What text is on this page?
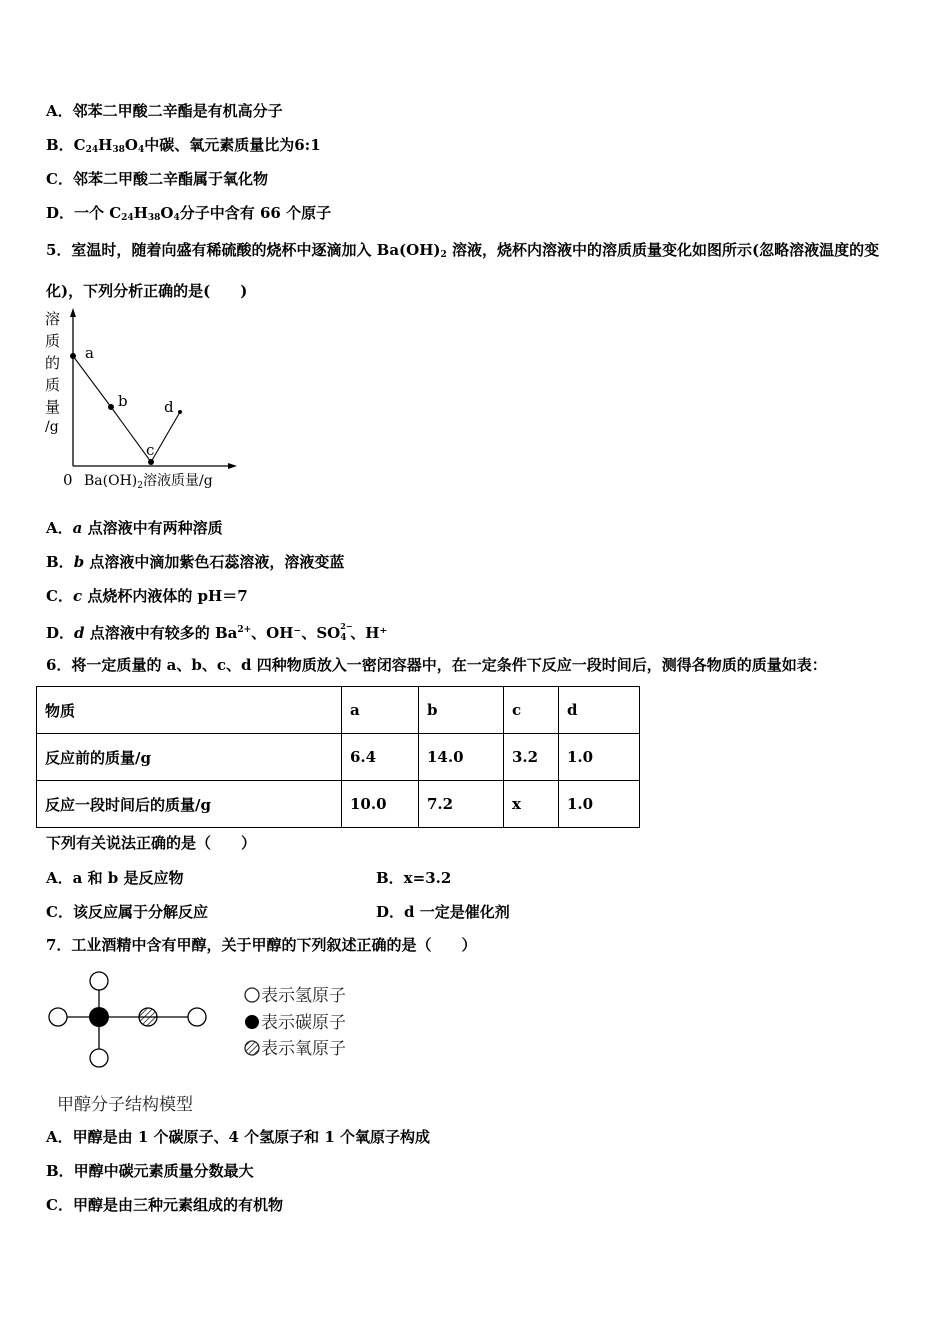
A．邻苯二甲酸二辛酯是有机高分子
B．$C_{24}H_{38}O_4$中碳、氧元素质量比为6:1
C．邻苯二甲酸二辛酯属于氧化物
D．一个 $C_{24}H_{38}O_4$分子中含有 66 个原子
5．室温时，随着向盛有稀硫酸的烧杯中逐滴加入 $Ba(OH)_2$ 溶液，烧杯内溶液中的溶质质量变化如图所示(忽略溶液温度的变化)，下列分析正确的是(　　)
溶
质
的
质
量
/g
a
b
c
d
0 $Ba(OH)_2$溶液质量/g
A．a 点溶液中有两种溶质
B．b 点溶液中滴加紫色石蕊溶液，溶液变蓝
C．c 点烧杯内液体的 pH＝7
D．d 点溶液中有较多的 $Ba^{2+}$、OH⁻、SO 2−
4 、H⁺
6．将一定质量的 a、b、c、d 四种物质放入一密闭容器中，在一定条件下反应一段时间后，测得各物质的质量如表：
物质	a	b	c	d
反应前的质量/g	6.4	14.0	3.2	1.0
反应一段时间后的质量/g	10.0	7.2	x	1.0
下列有关说法正确的是（　　）
A．a 和 b 是反应物	B．x=3.2
C．该反应属于分解反应	D．d 一定是催化剂
7．工业酒精中含有甲醇，关于甲醇的下列叙述正确的是（　　）
表示氢原子
表示碳原子
表示氧原子
甲醇分子结构模型
A．甲醇是由 1 个碳原子、4 个氢原子和 1 个氧原子构成
B．甲醇中碳元素质量分数最大
C．甲醇是由三种元素组成的有机物
